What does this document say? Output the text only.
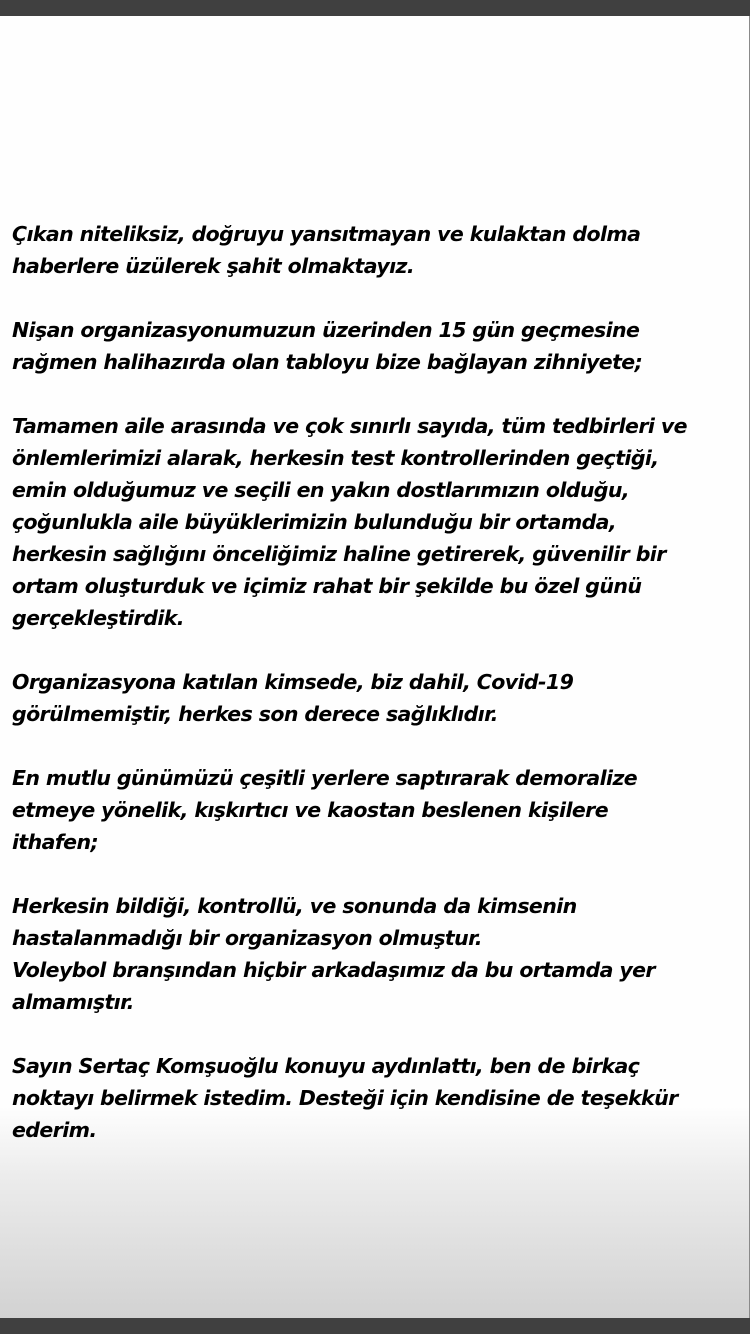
Çıkan niteliksiz, doğruyu yansıtmayan ve kulaktan dolma
haberlere üzülerek şahit olmaktayız.

Nişan organizasyonumuzun üzerinden 15 gün geçmesine
rağmen halihazırda olan tabloyu bize bağlayan zihniyete;

Tamamen aile arasında ve çok sınırlı sayıda, tüm tedbirleri ve
önlemlerimizi alarak, herkesin test kontrollerinden geçtiği,
emin olduğumuz ve seçili en yakın dostlarımızın olduğu,
çoğunlukla aile büyüklerimizin bulunduğu bir ortamda,
herkesin sağlığını önceliğimiz haline getirerek, güvenilir bir
ortam oluşturduk ve içimiz rahat bir şekilde bu özel günü
gerçekleştirdik.

Organizasyona katılan kimsede, biz dahil, Covid-19
görülmemiştir, herkes son derece sağlıklıdır.

En mutlu günümüzü çeşitli yerlere saptırarak demoralize
etmeye yönelik, kışkırtıcı ve kaostan beslenen kişilere
ithafen;

Herkesin bildiği, kontrollü, ve sonunda da kimsenin
hastalanmadığı bir organizasyon olmuştur.
Voleybol branşından hiçbir arkadaşımız da bu ortamda yer
almamıştır.

Sayın Sertaç Komşuoğlu konuyu aydınlattı, ben de birkaç
noktayı belirmek istedim. Desteği için kendisine de teşekkür
ederim.
